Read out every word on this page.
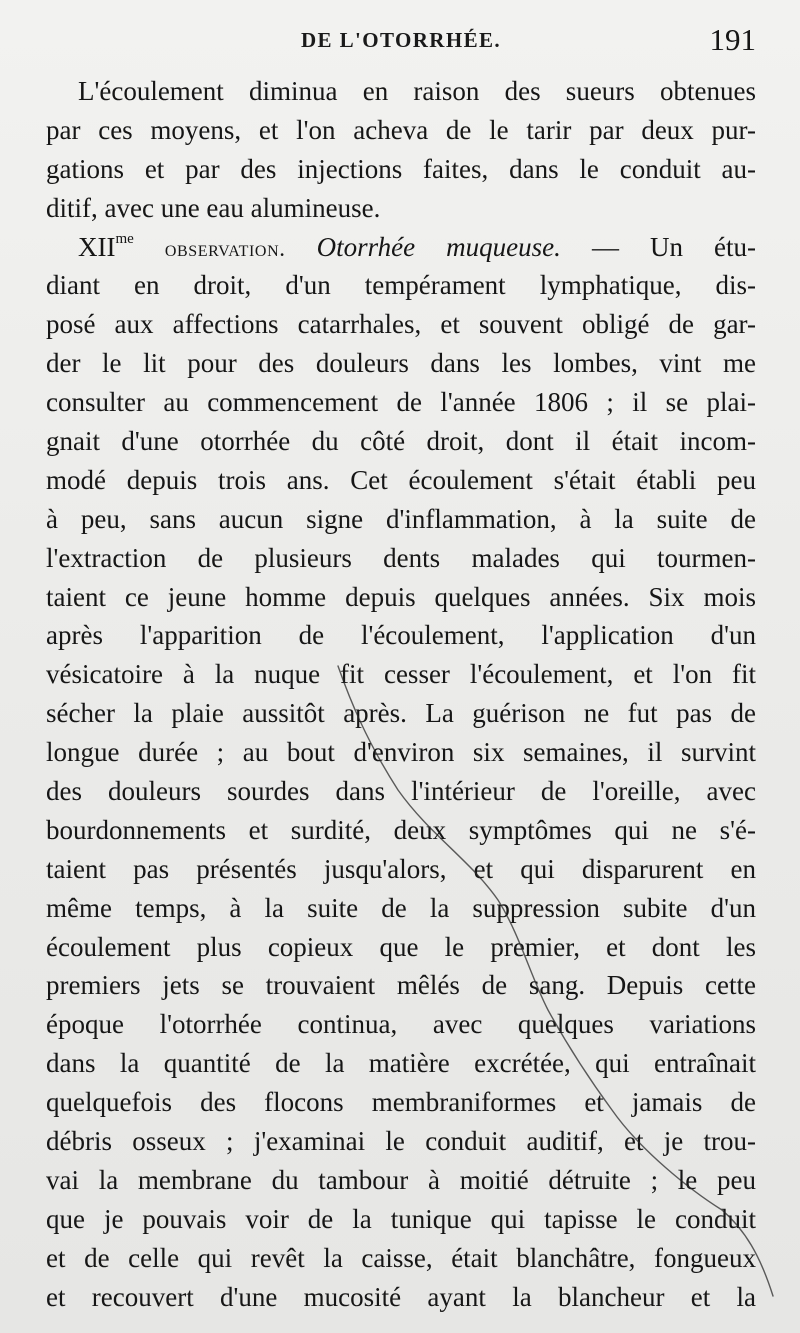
DE L'OTORRHÉE.	191
L'écoulement diminua en raison des sueurs obtenues
par ces moyens, et l'on acheva de le tarir par deux pur-
gations et par des injections faites, dans le conduit au-
ditif, avec une eau alumineuse.
$XII^{me}$ observation. Otorrhée muqueuse. — Un étu-
diant en droit, d'un tempérament lymphatique, dis-
posé aux affections catarrhales, et souvent obligé de gar-
der le lit pour des douleurs dans les lombes, vint me
consulter au commencement de l'année 1806 ; il se plai-
gnait d'une otorrhée du côté droit, dont il était incom-
modé depuis trois ans. Cet écoulement s'était établi peu
à peu, sans aucun signe d'inflammation, à la suite de
l'extraction de plusieurs dents malades qui tourmen-
taient ce jeune homme depuis quelques années. Six mois
après l'apparition de l'écoulement, l'application d'un
vésicatoire à la nuque fit cesser l'écoulement, et l'on fit
sécher la plaie aussitôt après. La guérison ne fut pas de
longue durée ; au bout d'environ six semaines, il survint
des douleurs sourdes dans l'intérieur de l'oreille, avec
bourdonnements et surdité, deux symptômes qui ne s'é-
taient pas présentés jusqu'alors, et qui disparurent en
même temps, à la suite de la suppression subite d'un
écoulement plus copieux que le premier, et dont les
premiers jets se trouvaient mêlés de sang. Depuis cette
époque l'otorrhée continua, avec quelques variations
dans la quantité de la matière excrétée, qui entraînait
quelquefois des flocons membraniformes et jamais de
débris osseux ; j'examinai le conduit auditif, et je trou-
vai la membrane du tambour à moitié détruite ; le peu
que je pouvais voir de la tunique qui tapisse le conduit
et de celle qui revêt la caisse, était blanchâtre, fongueux
et recouvert d'une mucosité ayant la blancheur et la
